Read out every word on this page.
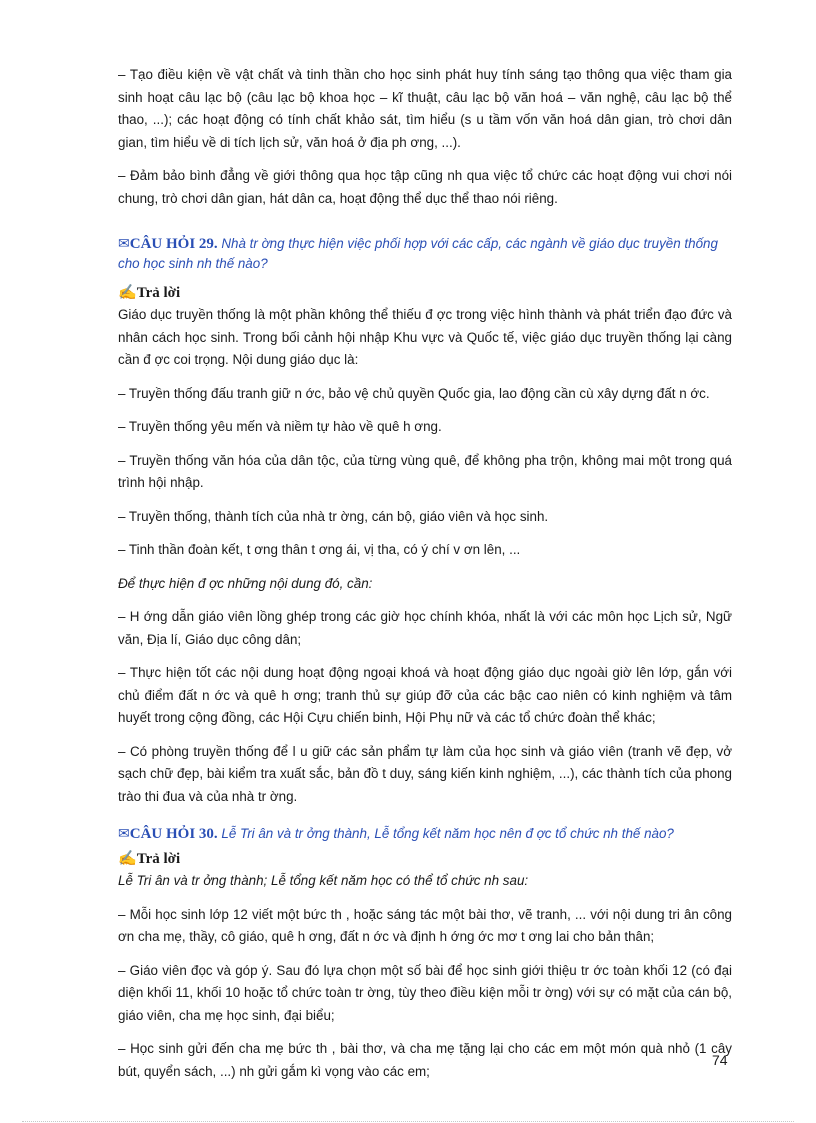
– Tạo điều kiện về vật chất và tinh thần cho học sinh phát huy tính sáng tạo thông qua việc tham gia sinh hoạt câu lạc bộ (câu lạc bộ khoa học – kĩ thuật, câu lạc bộ văn hoá – văn nghệ, câu lạc bộ thể thao, ...); các hoạt động có tính chất khảo sát, tìm hiểu (s u tầm vốn văn hoá dân gian, trò chơi dân gian, tìm hiểu về di tích lịch sử, văn hoá ở địa ph ơng, ...).

– Đảm bảo bình đẳng về giới thông qua học tập cũng nh qua việc tổ chức các hoạt động vui chơi nói chung, trò chơi dân gian, hát dân ca, hoạt động thể dục thể thao nói riêng.

✉CÂU HỎI 29. Nhà tr ờng thực hiện việc phối hợp với các cấp, các ngành về giáo dục truyền thống cho học sinh nh thế nào?
✍Trả lời

Giáo dục truyền thống là một phần không thể thiếu đ ợc trong việc hình thành và phát triển đạo đức và nhân cách học sinh. Trong bối cảnh hội nhập Khu vực và Quốc tế, việc giáo dục truyền thống lại càng cần đ ợc coi trọng. Nội dung giáo dục là:

– Truyền thống đấu tranh giữ n ớc, bảo vệ chủ quyền Quốc gia, lao động cần cù xây dựng đất n ớc.

– Truyền thống yêu mến và niềm tự hào về quê h ơng.

– Truyền thống văn hóa của dân tộc, của từng vùng quê, để không pha trộn, không mai một trong quá trình hội nhập.

– Truyền thống, thành tích của nhà tr ờng, cán bộ, giáo viên và học sinh.

– Tinh thần đoàn kết, t ơng thân t ơng ái, vị tha, có ý chí v ơn lên, ...

Để thực hiện đ ợc những nội dung đó, cần:

– H ớng dẫn giáo viên lồng ghép trong các giờ học chính khóa, nhất là với các môn học Lịch sử, Ngữ văn, Địa lí, Giáo dục công dân;

– Thực hiện tốt các nội dung hoạt động ngoại khoá và hoạt động giáo dục ngoài giờ lên lớp, gắn với chủ điểm đất n ớc và quê h ơng; tranh thủ sự giúp đỡ của các bậc cao niên có kinh nghiệm và tâm huyết trong cộng đồng, các Hội Cựu chiến binh, Hội Phụ nữ và các tổ chức đoàn thể khác;

– Có phòng truyền thống để l u giữ các sản phẩm tự làm của học sinh và giáo viên (tranh vẽ đẹp, vở sạch chữ đẹp, bài kiểm tra xuất sắc, bản đồ t duy, sáng kiến kinh nghiệm, ...), các thành tích của phong trào thi đua và của nhà tr ờng.

✉CÂU HỎI 30. Lễ Tri ân và tr ởng thành, Lễ tổng kết năm học nên đ ợc tổ chức nh thế nào?
✍Trả lời

Lễ Tri ân và tr ởng thành; Lễ tổng kết năm học có thể tổ chức nh sau:

– Mỗi học sinh lớp 12 viết một bức th , hoặc sáng tác một bài thơ, vẽ tranh, ... với nội dung tri ân công ơn cha mẹ, thầy, cô giáo, quê h ơng, đất n ớc và định h ớng ớc mơ t ơng lai cho bản thân;

– Giáo viên đọc và góp ý. Sau đó lựa chọn một số bài để học sinh giới thiệu tr ớc toàn khối 12 (có đại diện khối 11, khối 10 hoặc tổ chức toàn tr ờng, tùy theo điều kiện mỗi tr ờng) với sự có mặt của cán bộ, giáo viên, cha mẹ học sinh, đại biểu;

– Học sinh gửi đến cha mẹ bức th , bài thơ, và cha mẹ tặng lại cho các em một món quà nhỏ (1 cây bút, quyển sách, ...) nh gửi gắm kì vọng vào các em;

74
